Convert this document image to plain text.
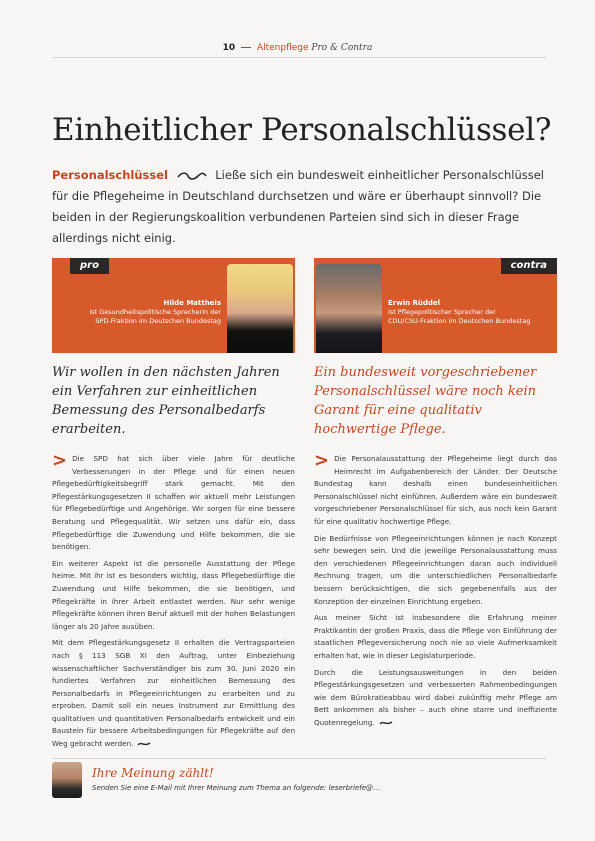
10 Altenpflege Pro & Contra
Einheitlicher Personalschlüssel?
Personalschlüssel	Ließe sich ein bundesweit einheitlicher Personalschlüssel für die Pflegeheime in Deutschland durchsetzen und wäre er überhaupt sinnvoll? Die beiden in der Regierungskoalition verbundenen Parteien sind sich in dieser Frage allerdings nicht einig.
pro
Hilde Mattheis
ist Gesundheitspolitische Sprecherin der
SPD-Fraktion im Deutschen Bundestag
Wir wollen in den nächsten Jahren ein Verfahren zur einheitlichen Bemessung des Personalbedarfs erarbeiten.

> Die SPD hat sich über viele Jahre für deutliche Verbesserungen in der Pflege und für einen neuen Pflegebedürftigkeitsbegriff stark gemacht. Mit den Pflegestärkungsgesetzen II schaffen wir aktuell mehr Leistungen für Pflegebedürftige und Angehörige. Wir sorgen für eine bessere Beratung und Pflegequalität. Wir setzen uns dafür ein, dass Pflegebedürftige die Zuwendung und Hilfe bekommen, die sie benötigen.

Ein weiterer Aspekt ist die personelle Ausstattung der Pflege heime. Mit ihr ist es besonders wichtig, dass Pflegebedürftige die Zuwendung und Hilfe bekommen, die sie benötigen, und Pflegekräfte in ihrer Arbeit entlastet werden. Nur sehr wenige Pflegekräfte können ihren Beruf aktuell mit der hohen Belastungen länger als 20 Jahre ausüben.

Mit dem Pflegestärkungsgesetz II erhalten die Vertragsparteien nach § 113 SGB XI den Auftrag, unter Einbeziehung wissenschaftlicher Sachverständiger bis zum 30. Juni 2020 ein fundiertes Verfahren zur einheitlichen Bemessung des Personalbedarfs in Pflegeeinrichtungen zu erarbeiten und zu erproben. Damit soll ein neues Instrument zur Ermittlung des qualitativen und quantitativen Personalbedarfs entwickelt und ein Baustein für bessere Arbeitsbedingungen für Pflegekräfte auf den Weg gebracht werden.

contra
Erwin Rüddel
ist Pflegepolitischer Sprecher der
CDU/CSU-Fraktion im Deutschen Bundestag
Ein bundesweit vorgeschriebener Personalschlüssel wäre noch kein Garant für eine qualitativ hochwertige Pflege.

> Die Personalausstattung der Pflegeheime liegt durch das Heimrecht im Aufgabenbereich der Länder. Der Deutsche Bundestag kann deshalb einen bundeseinheitlichen Personalschlüssel nicht einführen. Außerdem wäre ein bundesweit vorgeschriebener Personalschlüssel für sich, aus noch kein Garant für eine qualitativ hochwertige Pflege.

Die Bedürfnisse von Pflegeeinrichtungen können je nach Konzept sehr bewegen sein. Und die jeweilige Personalausstattung muss den verschiedenen Pflegeeinrichtungen daran auch individuell Rechnung tragen, um die unterschiedlichen Personalbedarfe bessern berücksichtigen, die sich gegebenenfalls aus der Konzeption der einzelnen Einrichtung ergeben.

Aus meiner Sicht ist insbesondere die Erfahrung meiner Praktikantin der großen Praxis, dass die Pflege von Einführung der staatlichen Pflegeversicherung noch nie so viele Aufmerksamkeit erhalten hat, wie in dieser Legislaturperiode.

Durch die Leistungsausweitungen in den beiden Pflegestärkungsgesetzen und verbesserten Rahmenbedingungen wie dem Bürokratieabbau wird dabei zukünftig mehr Pflege am Bett ankommen als bisher – auch ohne starre und ineffiziente Quotenregelung.

Ihre Meinung zählt!
Senden Sie eine E-Mail mit Ihrer Meinung zum Thema an folgende: leserbriefe@...
